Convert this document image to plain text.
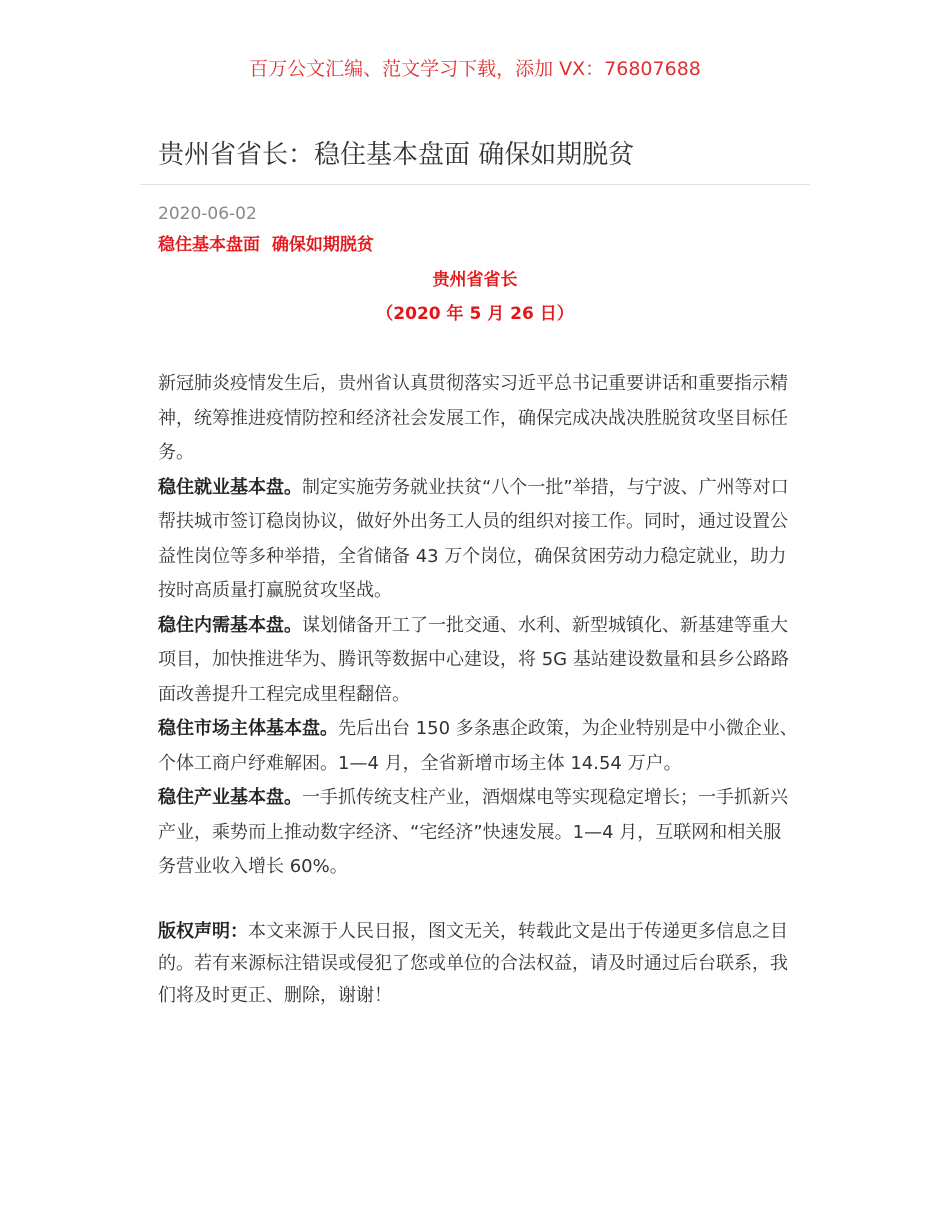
百万公文汇编、范文学习下载，添加 VX：76807688
贵州省省长：稳住基本盘面 确保如期脱贫
2020-06-02
稳住基本盘面  确保如期脱贫
贵州省省长
（2020 年 5 月 26 日）

新冠肺炎疫情发生后，贵州省认真贯彻落实习近平总书记重要讲话和重要指示精神，统筹推进疫情防控和经济社会发展工作，确保完成决战决胜脱贫攻坚目标任务。

稳住就业基本盘。制定实施劳务就业扶贫“八个一批”举措，与宁波、广州等对口帮扶城市签订稳岗协议，做好外出务工人员的组织对接工作。同时，通过设置公益性岗位等多种举措，全省储备 43 万个岗位，确保贫困劳动力稳定就业，助力按时高质量打赢脱贫攻坚战。

稳住内需基本盘。谋划储备开工了一批交通、水利、新型城镇化、新基建等重大项目，加快推进华为、腾讯等数据中心建设，将 5G 基站建设数量和县乡公路路面改善提升工程完成里程翻倍。

稳住市场主体基本盘。先后出台 150 多条惠企政策，为企业特别是中小微企业、个体工商户纾难解困。1—4 月，全省新增市场主体 14.54 万户。

稳住产业基本盘。一手抓传统支柱产业，酒烟煤电等实现稳定增长；一手抓新兴产业，乘势而上推动数字经济、“宅经济”快速发展。1—4 月，互联网和相关服务营业收入增长 60%。

版权声明：本文来源于人民日报，图文无关，转载此文是出于传递更多信息之目的。若有来源标注错误或侵犯了您或单位的合法权益，请及时通过后台联系，我们将及时更正、删除，谢谢！
